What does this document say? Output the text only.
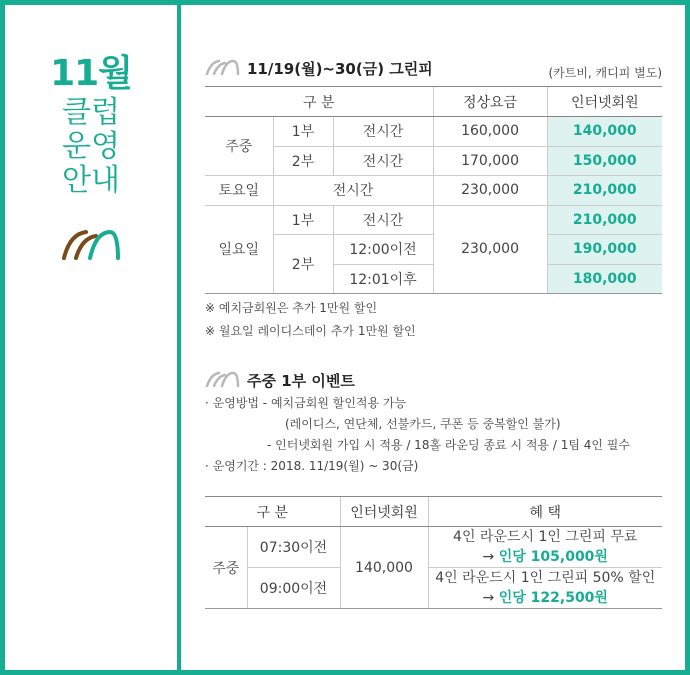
11월
클럽
운영
안내
11/19(월)~30(금) 그린피	(카트비, 캐디피 별도)
구 분			정상요금	인터넷회원
주중	1부	전시간	160,000	140,000
	2부	전시간	170,000	150,000
토요일	전시간		230,000	210,000
일요일	1부	전시간	230,000	210,000
	2부	12:00이전		190,000
		12:01이후		180,000
※ 예치금회원은 추가 1만원 할인
※ 월요일 레이디스데이 추가 1만원 할인
주중 1부 이벤트
· 운영방법 - 예치금회원 할인적용 가능
(레이디스, 연단체, 선불카드, 쿠폰 등 중복할인 불가)
- 인터넷회원 가입 시 적용 / 18홀 라운딩 종료 시 적용 / 1팀 4인 필수
· 운영기간 : 2018. 11/19(월) ~ 30(금)
구 분		인터넷회원	혜 택
주중	07:30이전	140,000	4인 라운드시 1인 그린피 무료
→ 인당 105,000원

	09:00이전		4인 라운드시 1인 그린피 50% 할인
→ 인당 122,500원
